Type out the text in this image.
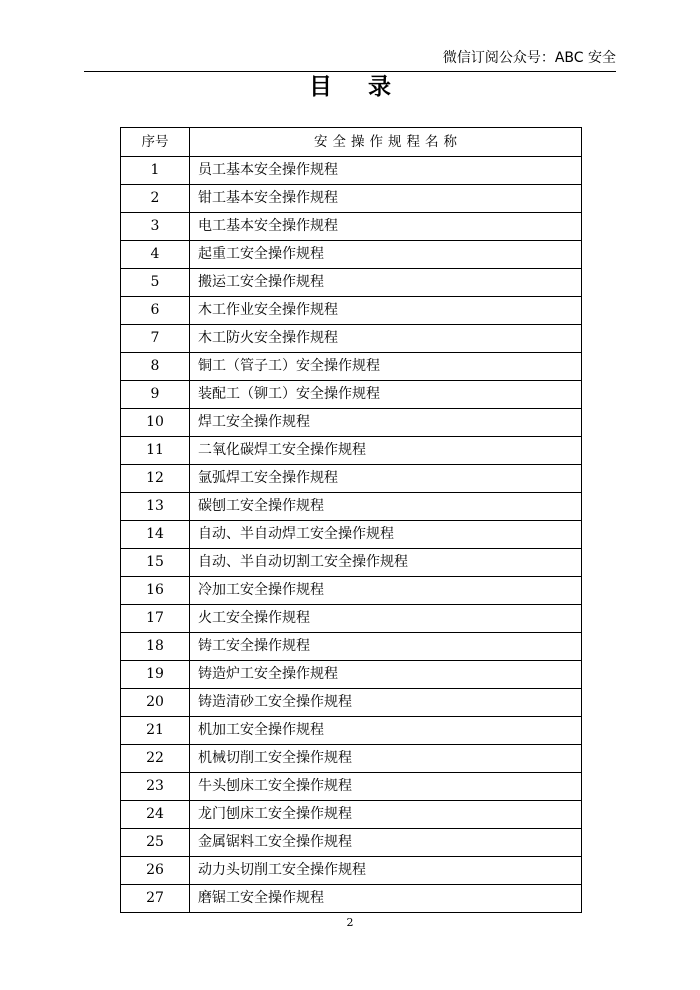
微信订阅公众号：ABC 安全
目录
序号	安全操作规程名称
1	员工基本安全操作规程
2	钳工基本安全操作规程
3	电工基本安全操作规程
4	起重工安全操作规程
5	搬运工安全操作规程
6	木工作业安全操作规程
7	木工防火安全操作规程
8	铜工（管子工）安全操作规程
9	装配工（铆工）安全操作规程
10	焊工安全操作规程
11	二氧化碳焊工安全操作规程
12	氩弧焊工安全操作规程
13	碳刨工安全操作规程
14	自动、半自动焊工安全操作规程
15	自动、半自动切割工安全操作规程
16	冷加工安全操作规程
17	火工安全操作规程
18	铸工安全操作规程
19	铸造炉工安全操作规程
20	铸造清砂工安全操作规程
21	机加工安全操作规程
22	机械切削工安全操作规程
23	牛头刨床工安全操作规程
24	龙门刨床工安全操作规程
25	金属锯料工安全操作规程
26	动力头切削工安全操作规程
27	磨锯工安全操作规程
2
